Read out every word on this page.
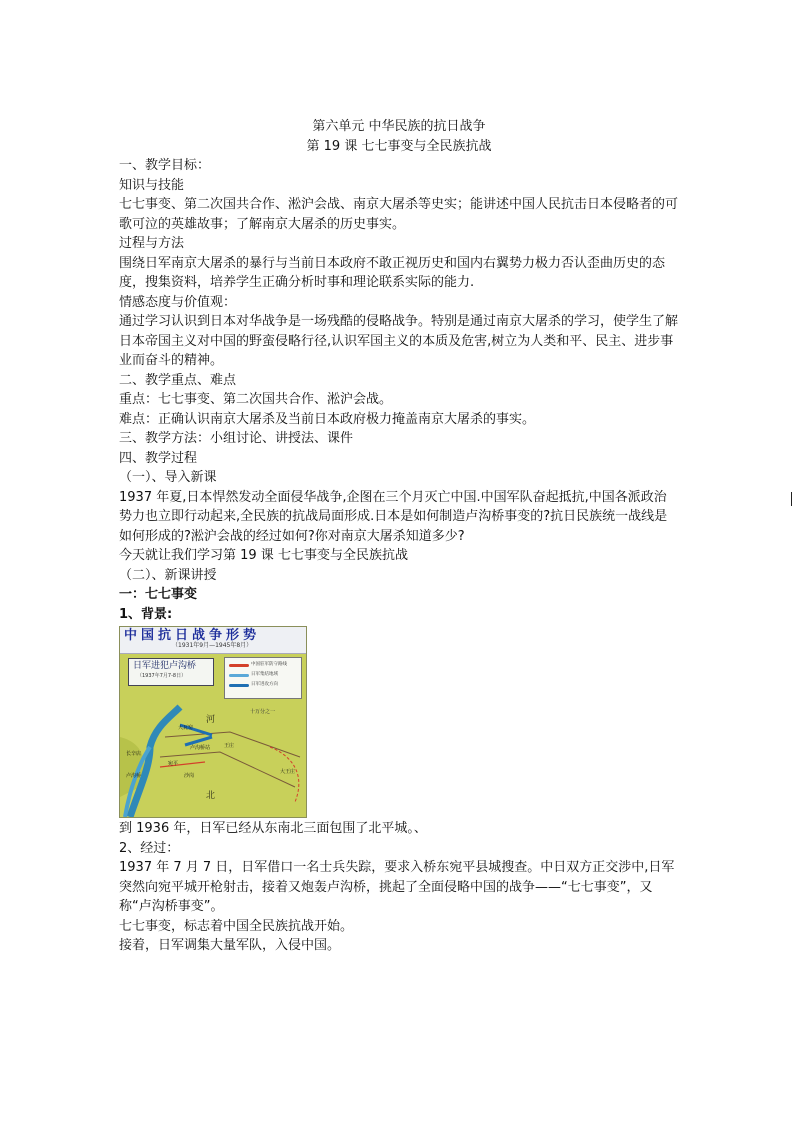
第六单元 中华民族的抗日战争

第 19 课 七七事变与全民族抗战

一、教学目标：

知识与技能

七七事变、第二次国共合作、淞沪会战、南京大屠杀等史实；能讲述中国人民抗击日本侵略者的可歌可泣的英雄故事；了解南京大屠杀的历史事实。

过程与方法

围绕日军南京大屠杀的暴行与当前日本政府不敢正视历史和国内右翼势力极力否认歪曲历史的态度，搜集资料，培养学生正确分析时事和理论联系实际的能力.

情感态度与价值观：

通过学习认识到日本对华战争是一场残酷的侵略战争。特别是通过南京大屠杀的学习，使学生了解日本帝国主义对中国的野蛮侵略行径,认识军国主义的本质及危害,树立为人类和平、民主、进步事业而奋斗的精神。

二、教学重点、难点

重点：七七事变、第二次国共合作、淞沪会战。

难点：正确认识南京大屠杀及当前日本政府极力掩盖南京大屠杀的事实。

三、教学方法：小组讨论、讲授法、课件

四、教学过程

（一）、导入新课

1937 年夏,日本悍然发动全面侵华战争,企图在三个月灭亡中国.中国军队奋起抵抗,中国各派政治势力也立即行动起来,全民族的抗战局面形成.日本是如何制造卢沟桥事变的?抗日民族统一战线是如何形成的?淞沪会战的经过如何?你对南京大屠杀知道多少?

今天就让我们学习第 19 课 七七事变与全民族抗战

（二）、新课讲授

一：七七事变

1、背景:

中国抗日战争形势
（1931年9月—1945年8月）
日军进犯卢沟桥
（1937年7月7-8日）
中国驻军防守路线
日军集结地域
日军进攻方向
十万分之一
河
北
大瓦窑
卢沟桥站	王庄
长辛店
卢沟桥
宛平
沙岗
大王庄

到 1936 年，日军已经从东南北三面包围了北平城。、

2、经过：

1937 年 7 月 7 日，日军借口一名士兵失踪，要求入桥东宛平县城搜查。中日双方正交涉中,日军突然向宛平城开枪射击，接着又炮轰卢沟桥，挑起了全面侵略中国的战争——“七七事变”，又称“卢沟桥事变”。

七七事变，标志着中国全民族抗战开始。

接着，日军调集大量军队，入侵中国。
